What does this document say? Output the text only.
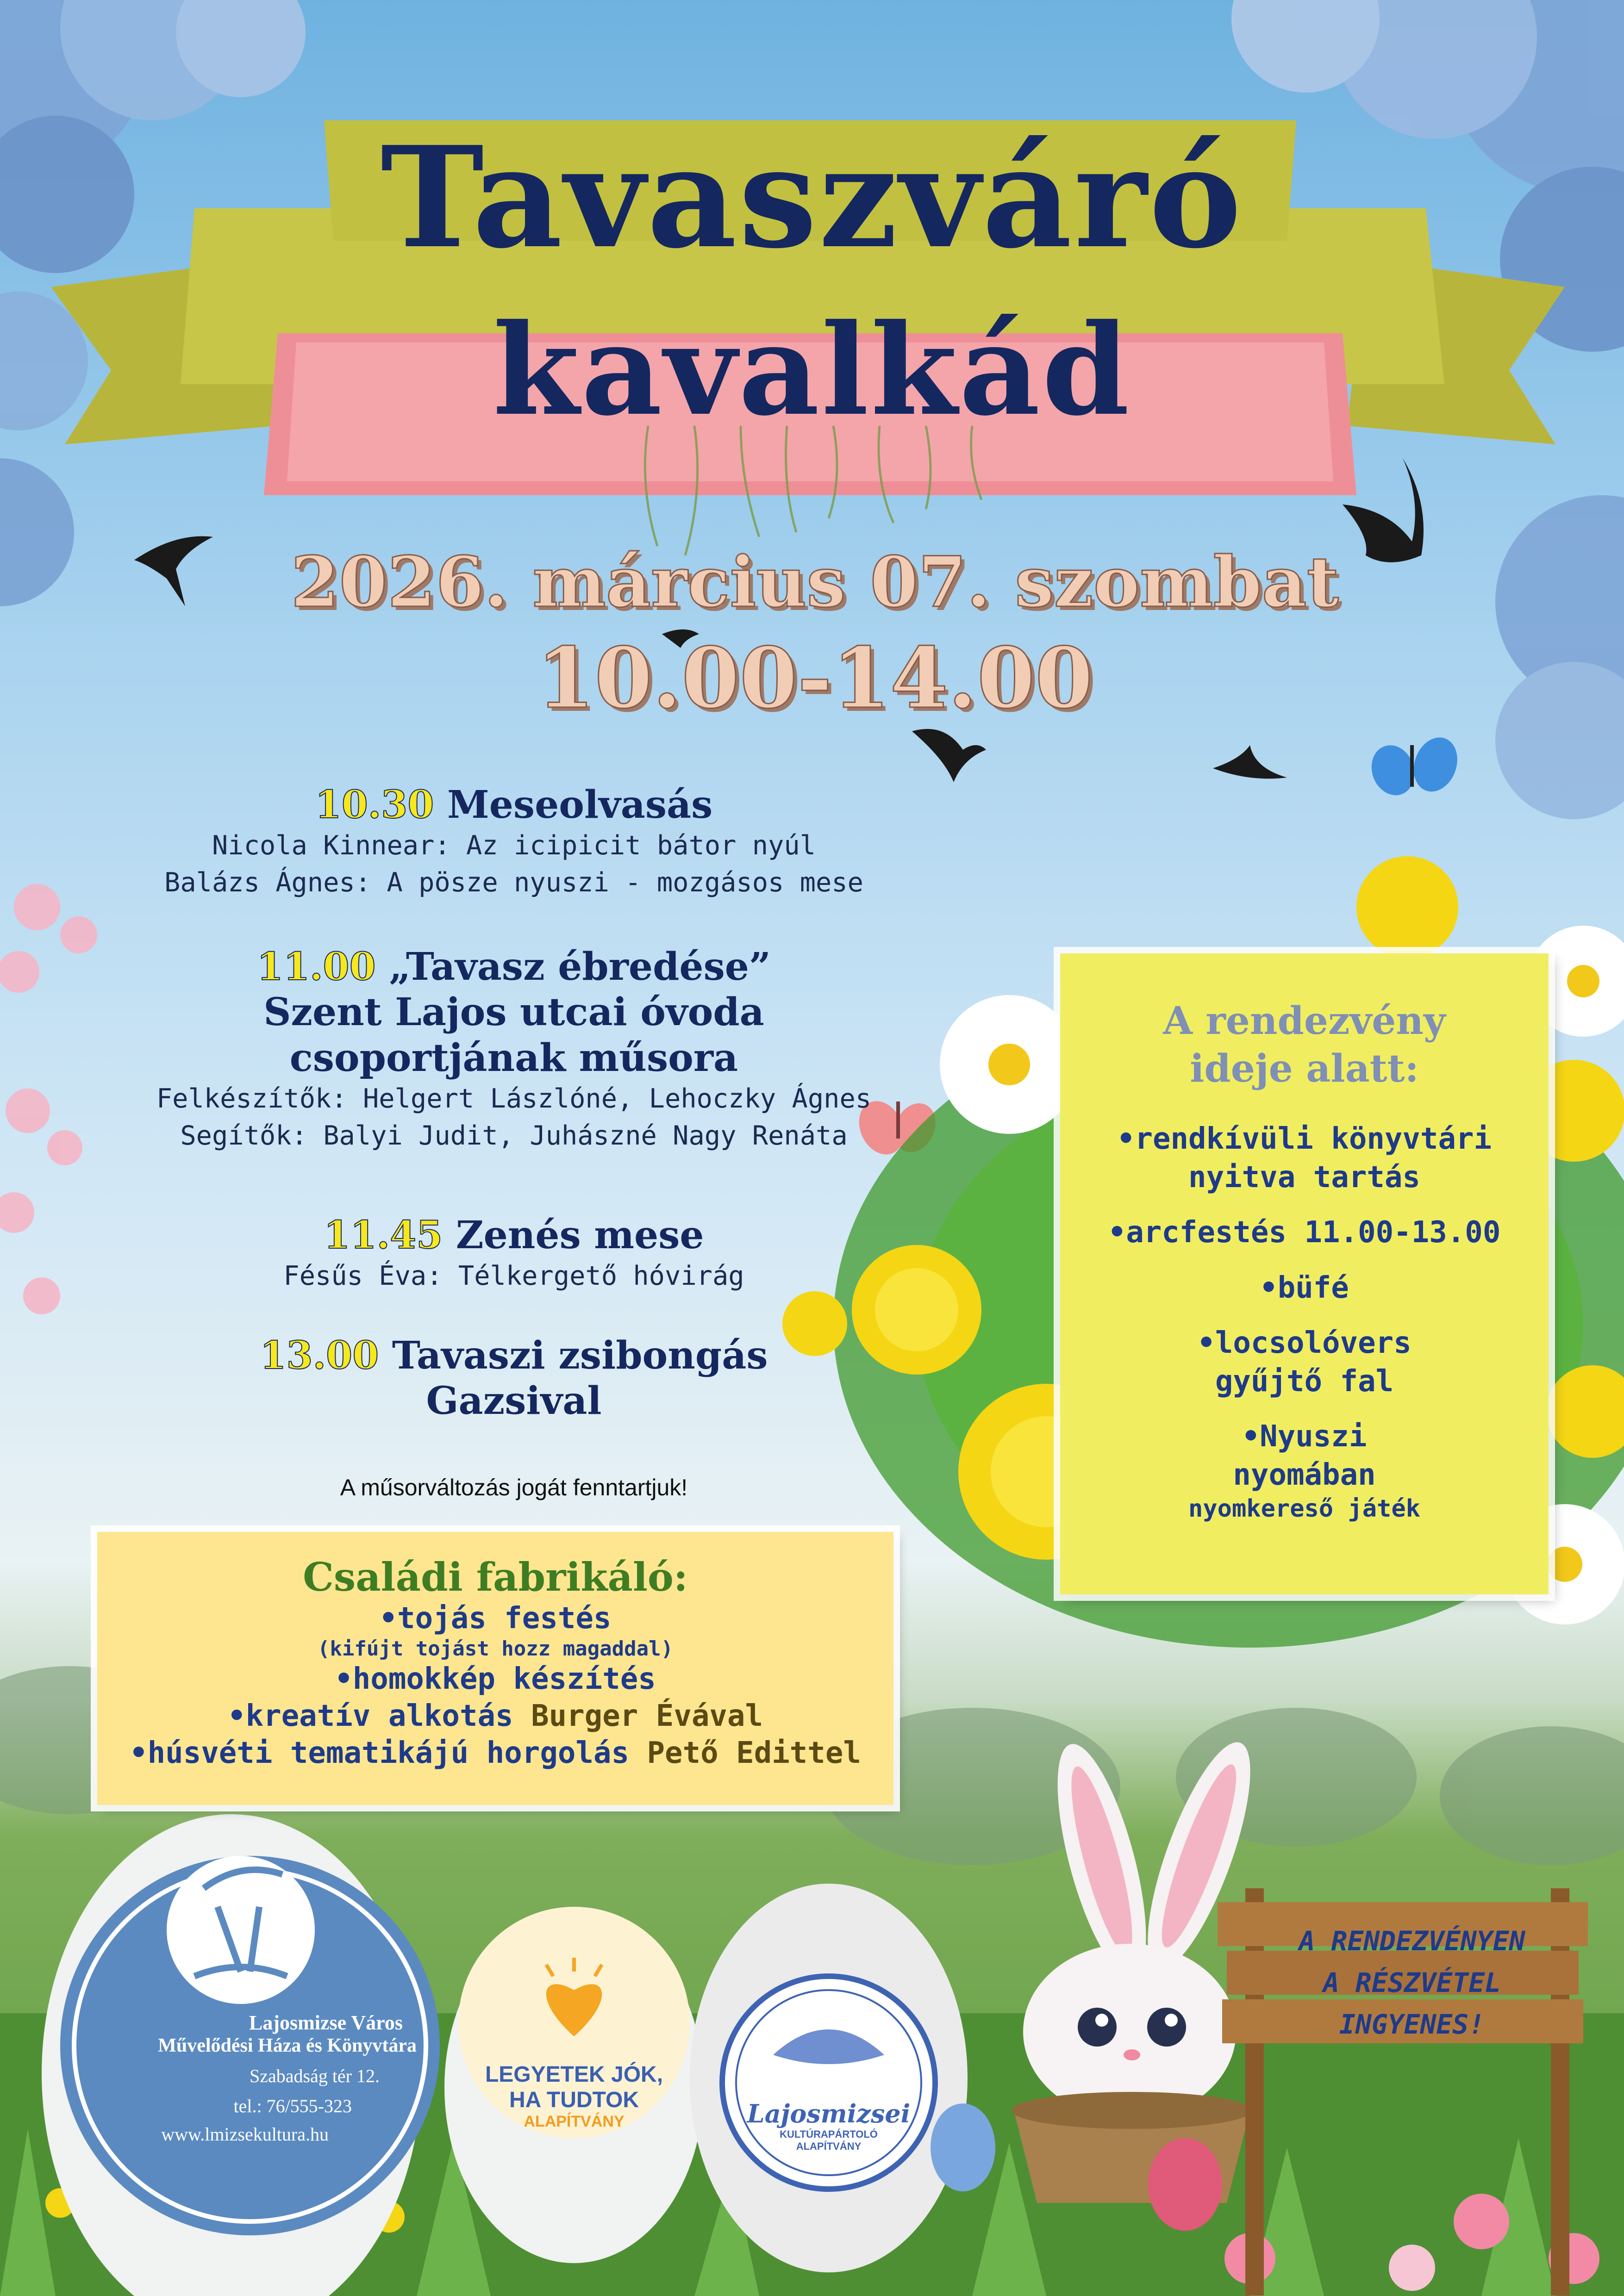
Tavaszváró
kavalkád
2026. március 07. szombat
10.00-14.00
10.30 Meseolvasás
Nicola Kinnear: Az icipicit bátor nyúl
Balázs Ágnes: A pösze nyuszi - mozgásos mese
11.00 „Tavasz ébredése”
Szent Lajos utcai óvoda
csoportjának műsora
Felkészítők: Helgert Lászlóné, Lehoczky Ágnes
Segítők: Balyi Judit, Juhászné Nagy Renáta
11.45 Zenés mese
Fésűs Éva: Télkergető hóvirág
13.00 Tavaszi zsibongás
Gazsival
A műsorváltozás jogát fenntartjuk!
A rendezvény
ideje alatt:
•rendkívüli könyvtári
nyitva tartás
•arcfestés 11.00-13.00
•büfé
•locsolóvers
gyűjtő fal
•Nyuszi
nyomában
nyomkereső játék
Családi fabrikáló:
•tojás festés
(kifújt tojást hozz magaddal)
•homokkép készítés
•kreatív alkotás Burger Évával
•húsvéti tematikájú horgolás Pető Edittel
A RENDEZVÉNYEN
A RÉSZVÉTEL
INGYENES!
Lajosmizse Város
Művelődési Háza és Könyvtára
Szabadság tér 12.
tel.: 76/555-323
www.lmizsekultura.hu
LEGYETEK JÓK,
HA TUDTOK
ALAPÍTVÁNY	Lajosmizsei
KULTÚRAPÁRTOLÓ
ALAPÍTVÁNY
